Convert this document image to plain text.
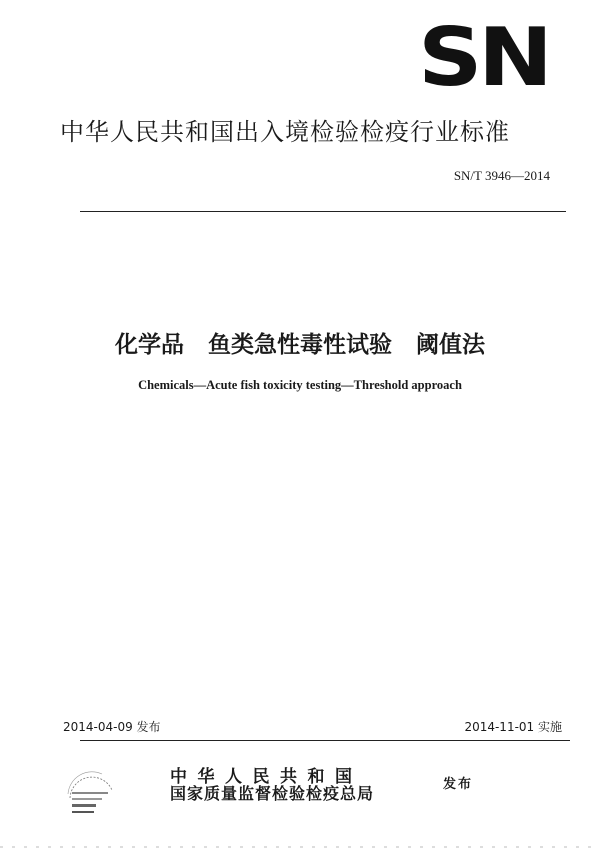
SN
中华人民共和国出入境检验检疫行业标准
SN/T 3946—2014
化学品   鱼类急性毒性试验   阈值法
Chemicals—Acute fish toxicity testing—Threshold approach
2014-04-09 发布	2014-11-01 实施
中华人民共和国
国家质量监督检验检疫总局	发布
